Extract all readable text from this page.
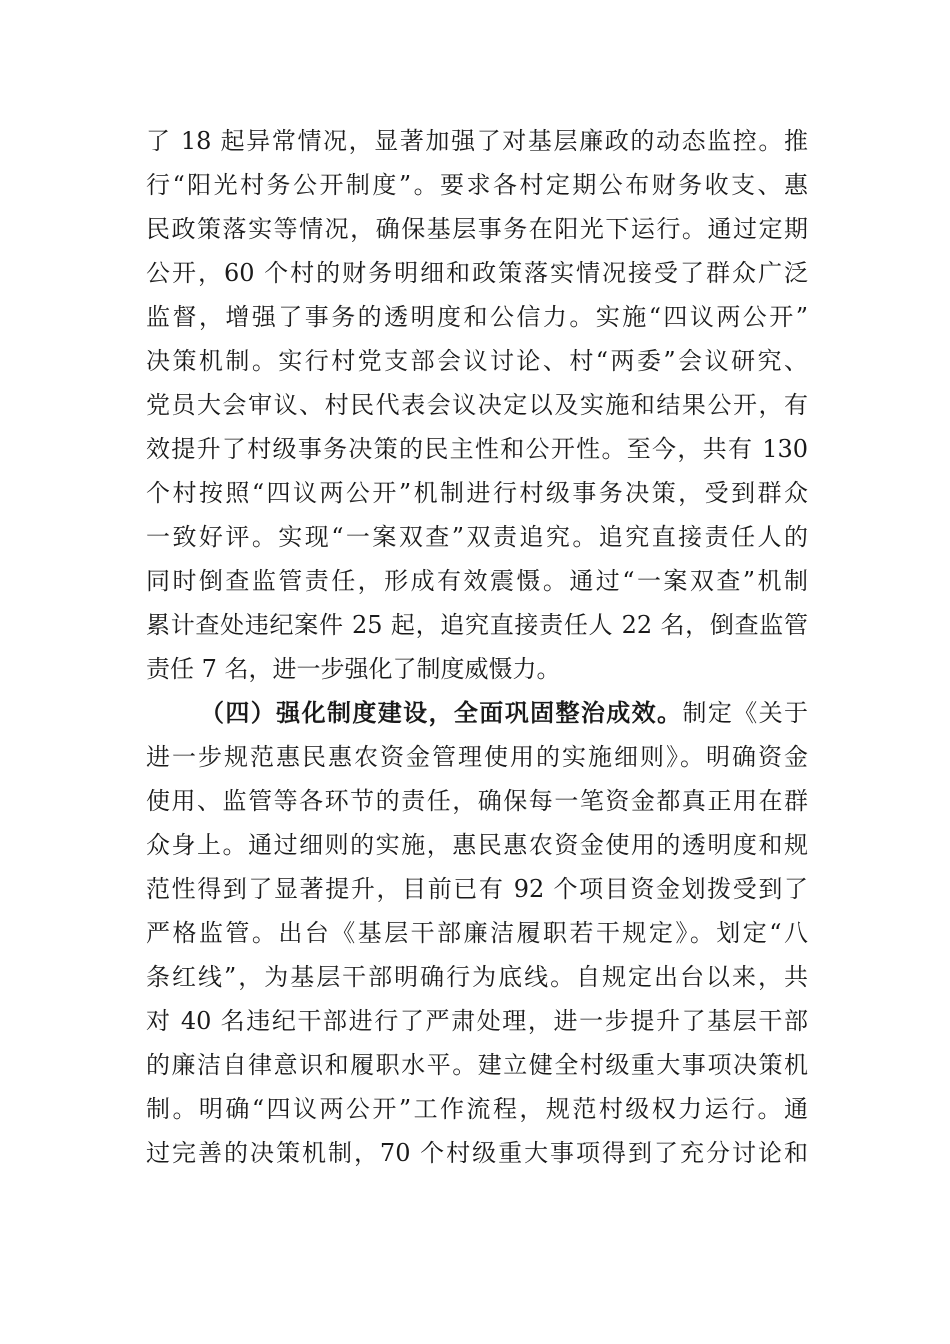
了 18 起异常情况，显著加强了对基层廉政的动态监控。推
行“阳光村务公开制度”。要求各村定期公布财务收支、惠
民政策落实等情况，确保基层事务在阳光下运行。通过定期
公开，60 个村的财务明细和政策落实情况接受了群众广泛
监督，增强了事务的透明度和公信力。实施“四议两公开”
决策机制。实行村党支部会议讨论、村“两委”会议研究、
党员大会审议、村民代表会议决定以及实施和结果公开，有
效提升了村级事务决策的民主性和公开性。至今，共有 130
个村按照“四议两公开”机制进行村级事务决策，受到群众
一致好评。实现“一案双查”双责追究。追究直接责任人的
同时倒查监管责任，形成有效震慑。通过“一案双查”机制
累计查处违纪案件 25 起，追究直接责任人 22 名，倒查监管
责任 7 名，进一步强化了制度威慑力。
（四）强化制度建设，全面巩固整治成效。制定《关于
进一步规范惠民惠农资金管理使用的实施细则》。明确资金
使用、监管等各环节的责任，确保每一笔资金都真正用在群
众身上。通过细则的实施，惠民惠农资金使用的透明度和规
范性得到了显著提升，目前已有 92 个项目资金划拨受到了
严格监管。出台《基层干部廉洁履职若干规定》。划定“八
条红线”，为基层干部明确行为底线。自规定出台以来，共
对 40 名违纪干部进行了严肃处理，进一步提升了基层干部
的廉洁自律意识和履职水平。建立健全村级重大事项决策机
制。明确“四议两公开”工作流程，规范村级权力运行。通
过完善的决策机制，70 个村级重大事项得到了充分讨论和
